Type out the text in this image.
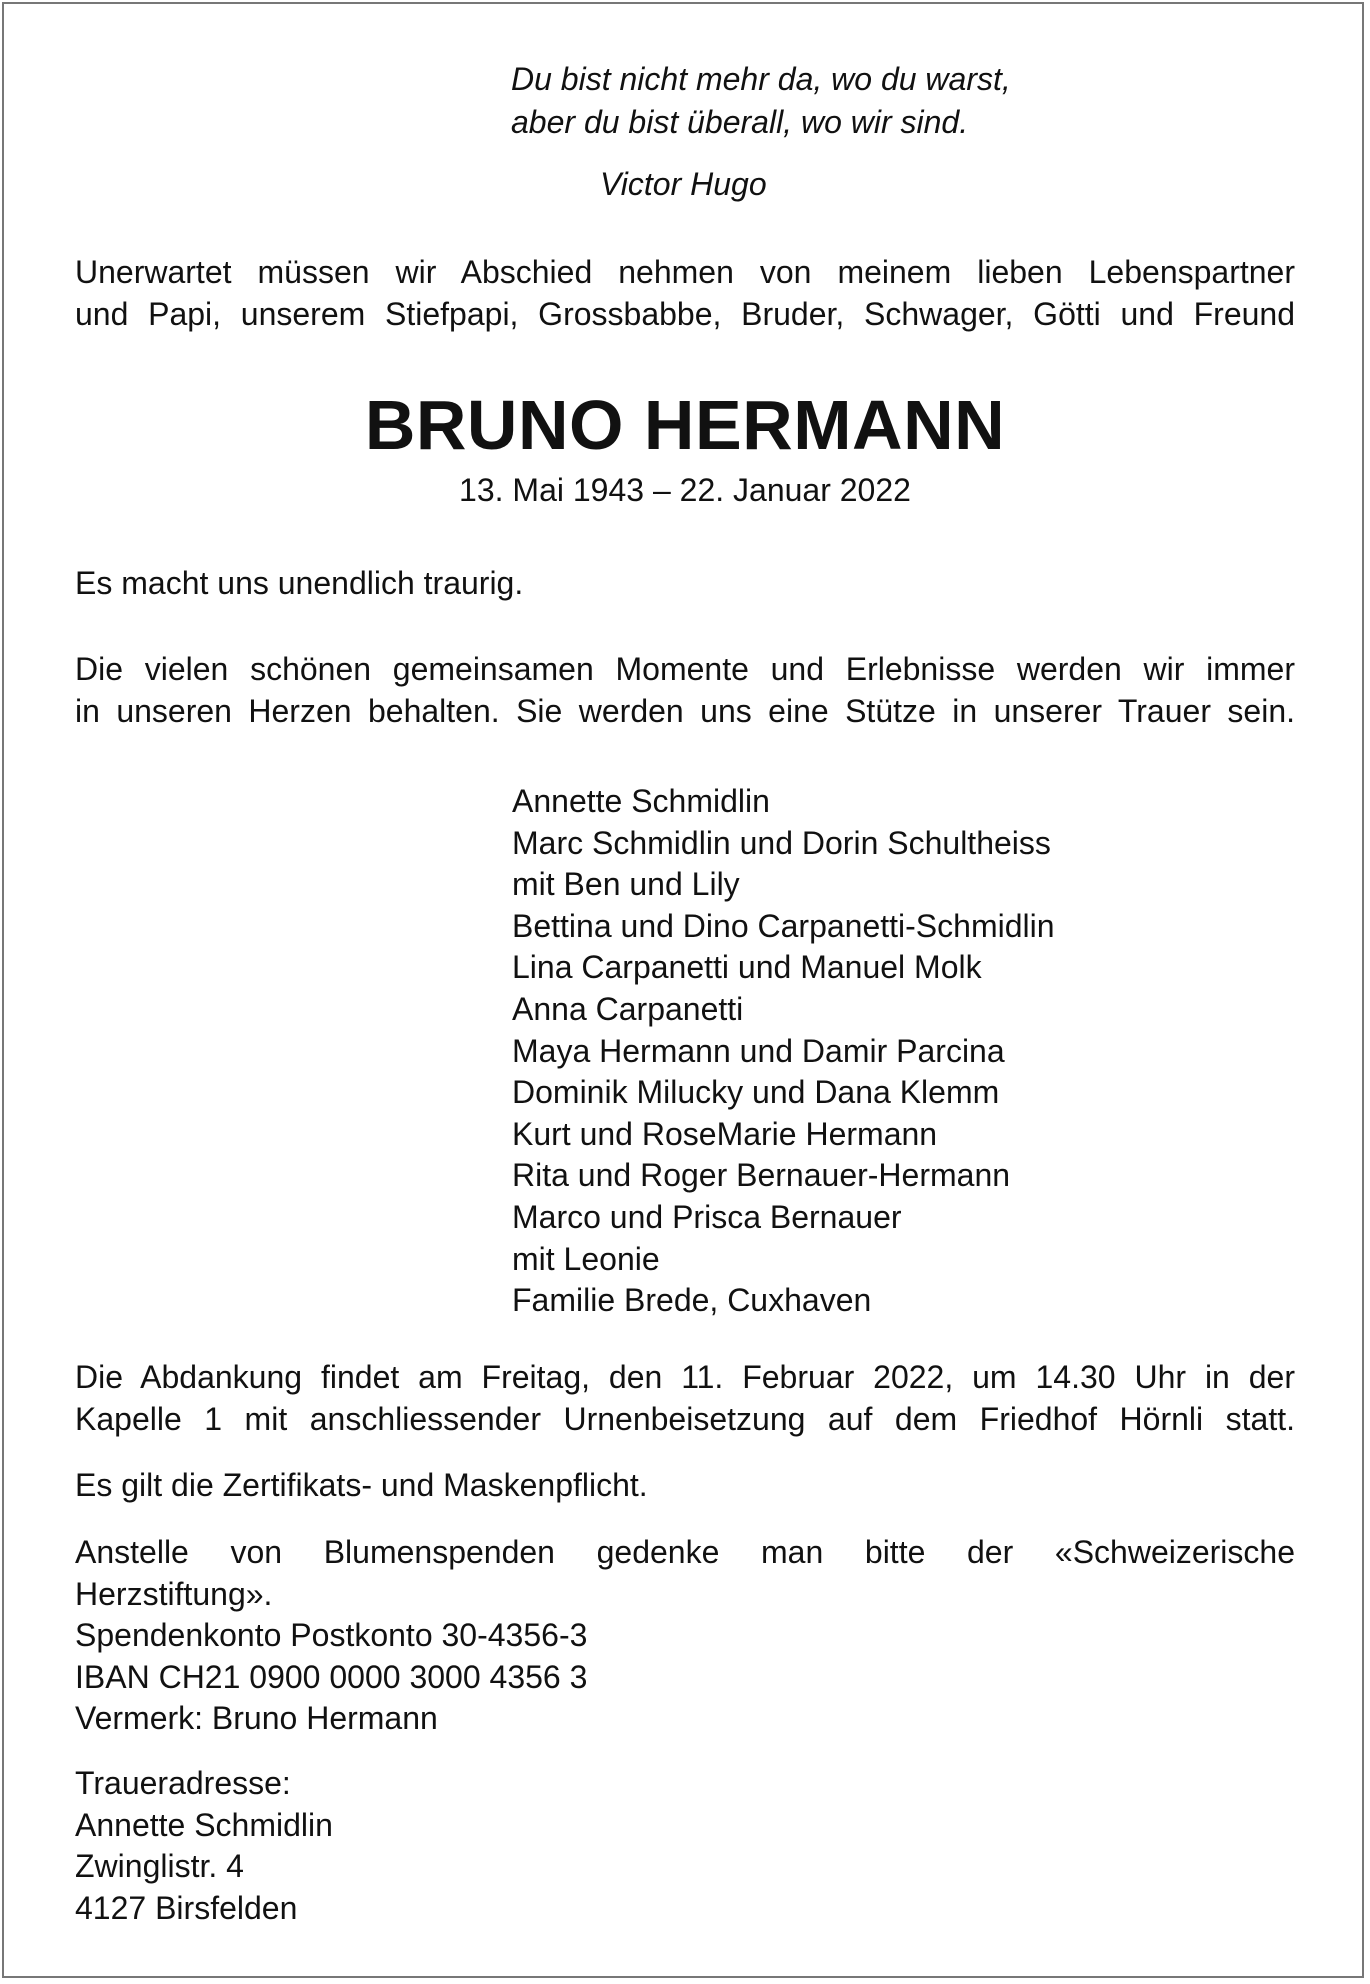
Du bist nicht mehr da, wo du warst,
aber du bist überall, wo wir sind.
Victor Hugo
Unerwartet müssen wir Abschied nehmen von meinem lieben Lebenspartner
und Papi, unserem Stiefpapi, Grossbabbe, Bruder, Schwager, Götti und Freund
BRUNO HERMANN
13. Mai 1943 – 22. Januar 2022
Es macht uns unendlich traurig.
Die vielen schönen gemeinsamen Momente und Erlebnisse werden wir immer
in unseren Herzen behalten. Sie werden uns eine Stütze in unserer Trauer sein.
Annette Schmidlin
Marc Schmidlin und Dorin Schultheiss
mit Ben und Lily
Bettina und Dino Carpanetti-Schmidlin
Lina Carpanetti und Manuel Molk
Anna Carpanetti
Maya Hermann und Damir Parcina
Dominik Milucky und Dana Klemm
Kurt und RoseMarie Hermann
Rita und Roger Bernauer-Hermann
Marco und Prisca Bernauer
mit Leonie
Familie Brede, Cuxhaven
Die Abdankung findet am Freitag, den 11. Februar 2022, um 14.30 Uhr in der
Kapelle 1 mit anschliessender Urnenbeisetzung auf dem Friedhof Hörnli statt.
Es gilt die Zertifikats- und Maskenpflicht.
Anstelle von Blumenspenden gedenke man bitte der «Schweizerische
Herzstiftung».
Spendenkonto Postkonto 30-4356-3
IBAN CH21 0900 0000 3000 4356 3
Vermerk: Bruno Hermann
Traueradresse:
Annette Schmidlin
Zwinglistr. 4
4127 Birsfelden
